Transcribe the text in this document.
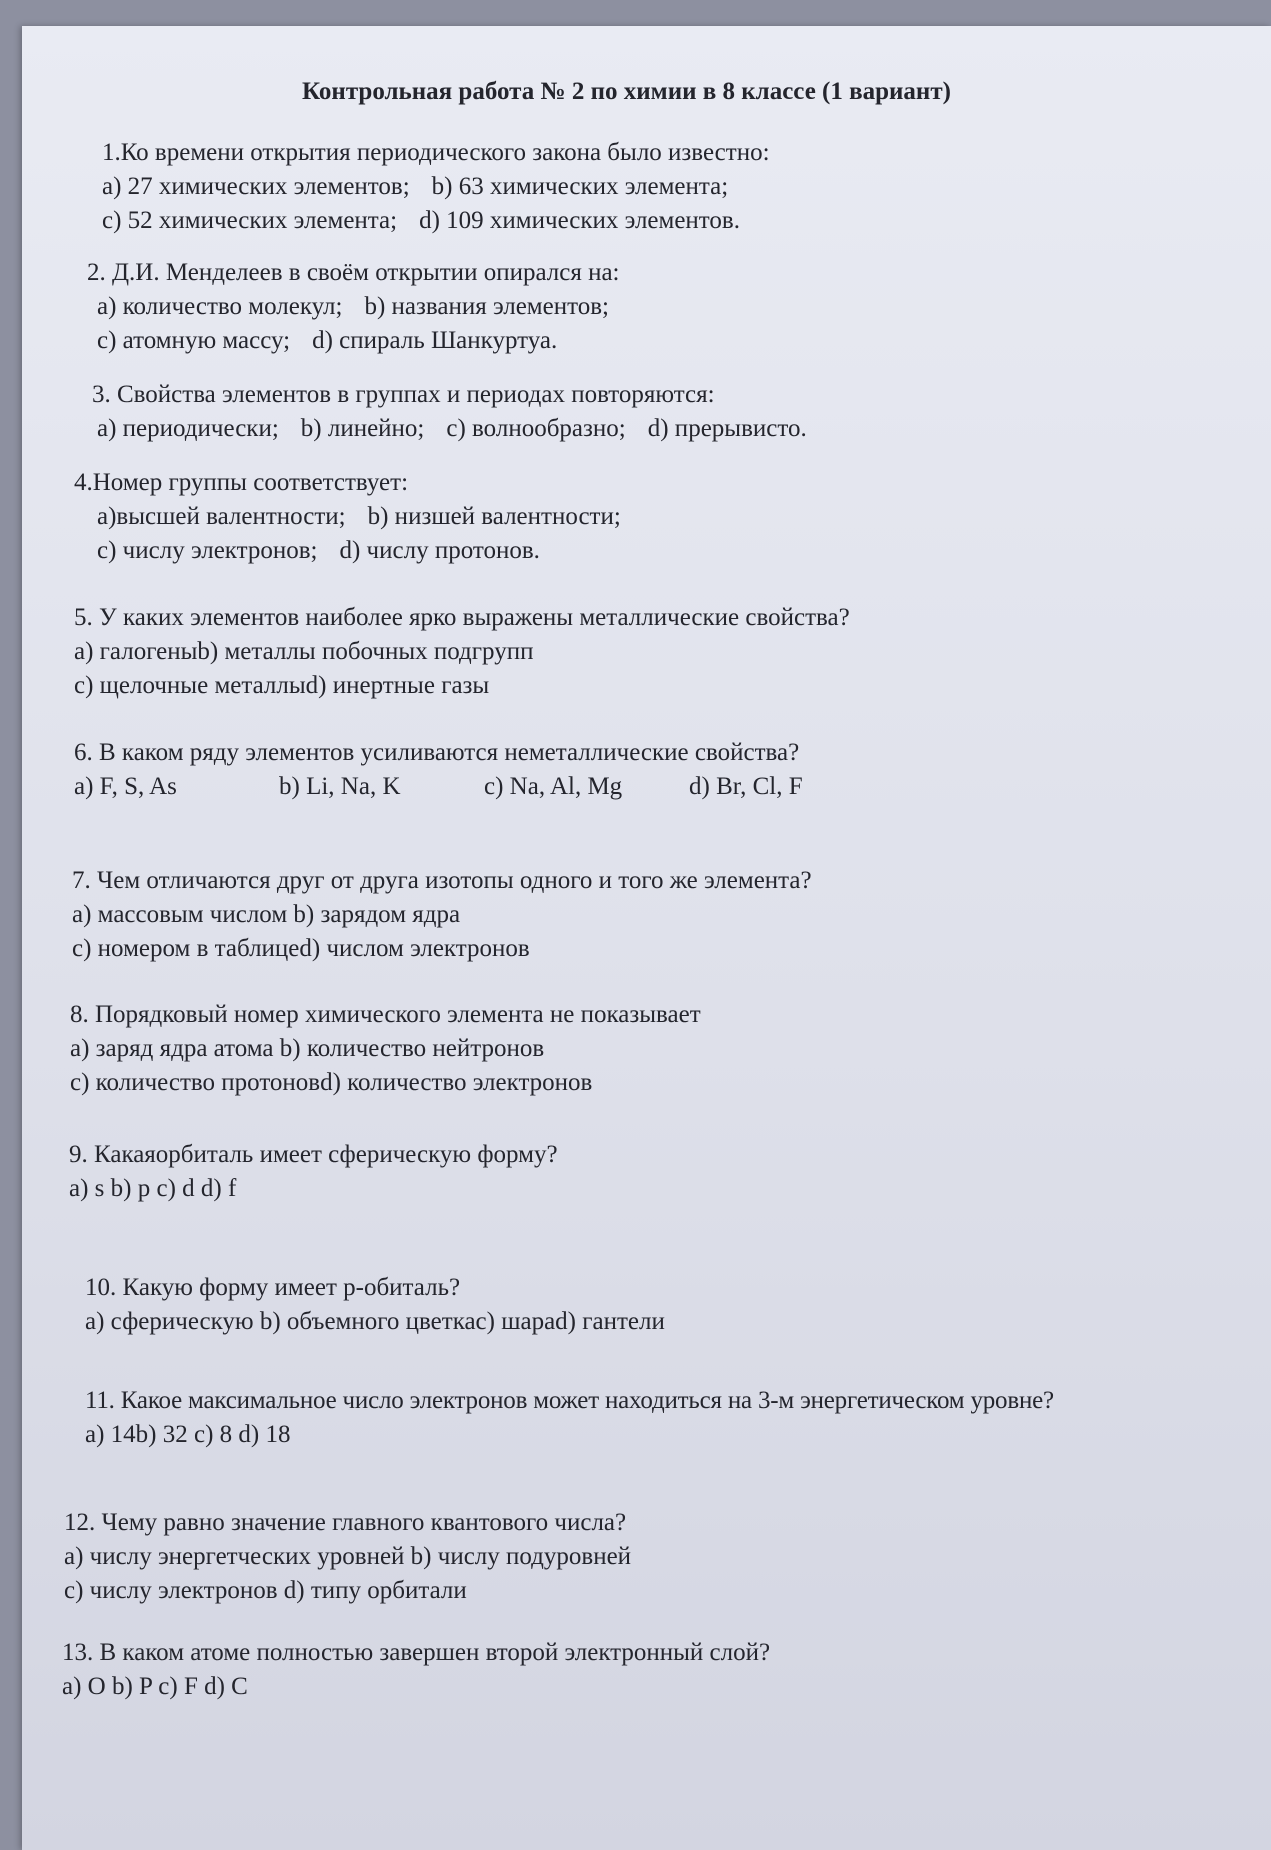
Контрольная работа № 2 по химии в 8 классе (1 вариант)
1.Ко времени открытия периодического закона было известно:
a) 27 химических элементов; b) 63 химических элемента;
c) 52 химических элемента; d) 109 химических элементов.
2. Д.И. Менделеев в своём открытии опирался на:
a) количество молекул; b) названия элементов;
c) атомную массу; d) спираль Шанкуртуа.
3. Свойства элементов в группах и периодах повторяются:
a) периодически; b) линейно; c) волнообразно; d) прерывисто.
4.Номер группы соответствует:
a)высшей валентности; b) низшей валентности;
c) числу электронов; d) числу протонов.
5. У каких элементов наиболее ярко выражены металлические свойства?
a) галогеныb) металлы побочных подгрупп
c) щелочные металлыd) инертные газы
6. В каком ряду элементов усиливаются неметаллические свойства?
a) F, S, As	b) Li, Na, K	c) Na, Al, Mg	d) Br, Cl, F
7. Чем отличаются друг от друга изотопы одного и того же элемента?
a) массовым числом b) зарядом ядра
c) номером в таблицеd) числом электронов
8. Порядковый номер химического элемента не показывает
a) заряд ядра атома b) количество нейтронов
c) количество протоновd) количество электронов
9. Какаяорбиталь имеет сферическую форму?
a) s b) p c) d d) f
10. Какую форму имеет р-обиталь?
a) сферическую b) объемного цветкаc) шарad) гантели
11. Какое максимальное число электронов может находиться на 3-м энергетическом уровне?
a) 14b) 32 c) 8 d) 18
12. Чему равно значение главного квантового числа?
a) числу энергетческих уровней b) числу подуровней
c) числу электронов d) типу орбитали
13. В каком атоме полностью завершен второй электронный слой?
a) O b) P c) F d) C
